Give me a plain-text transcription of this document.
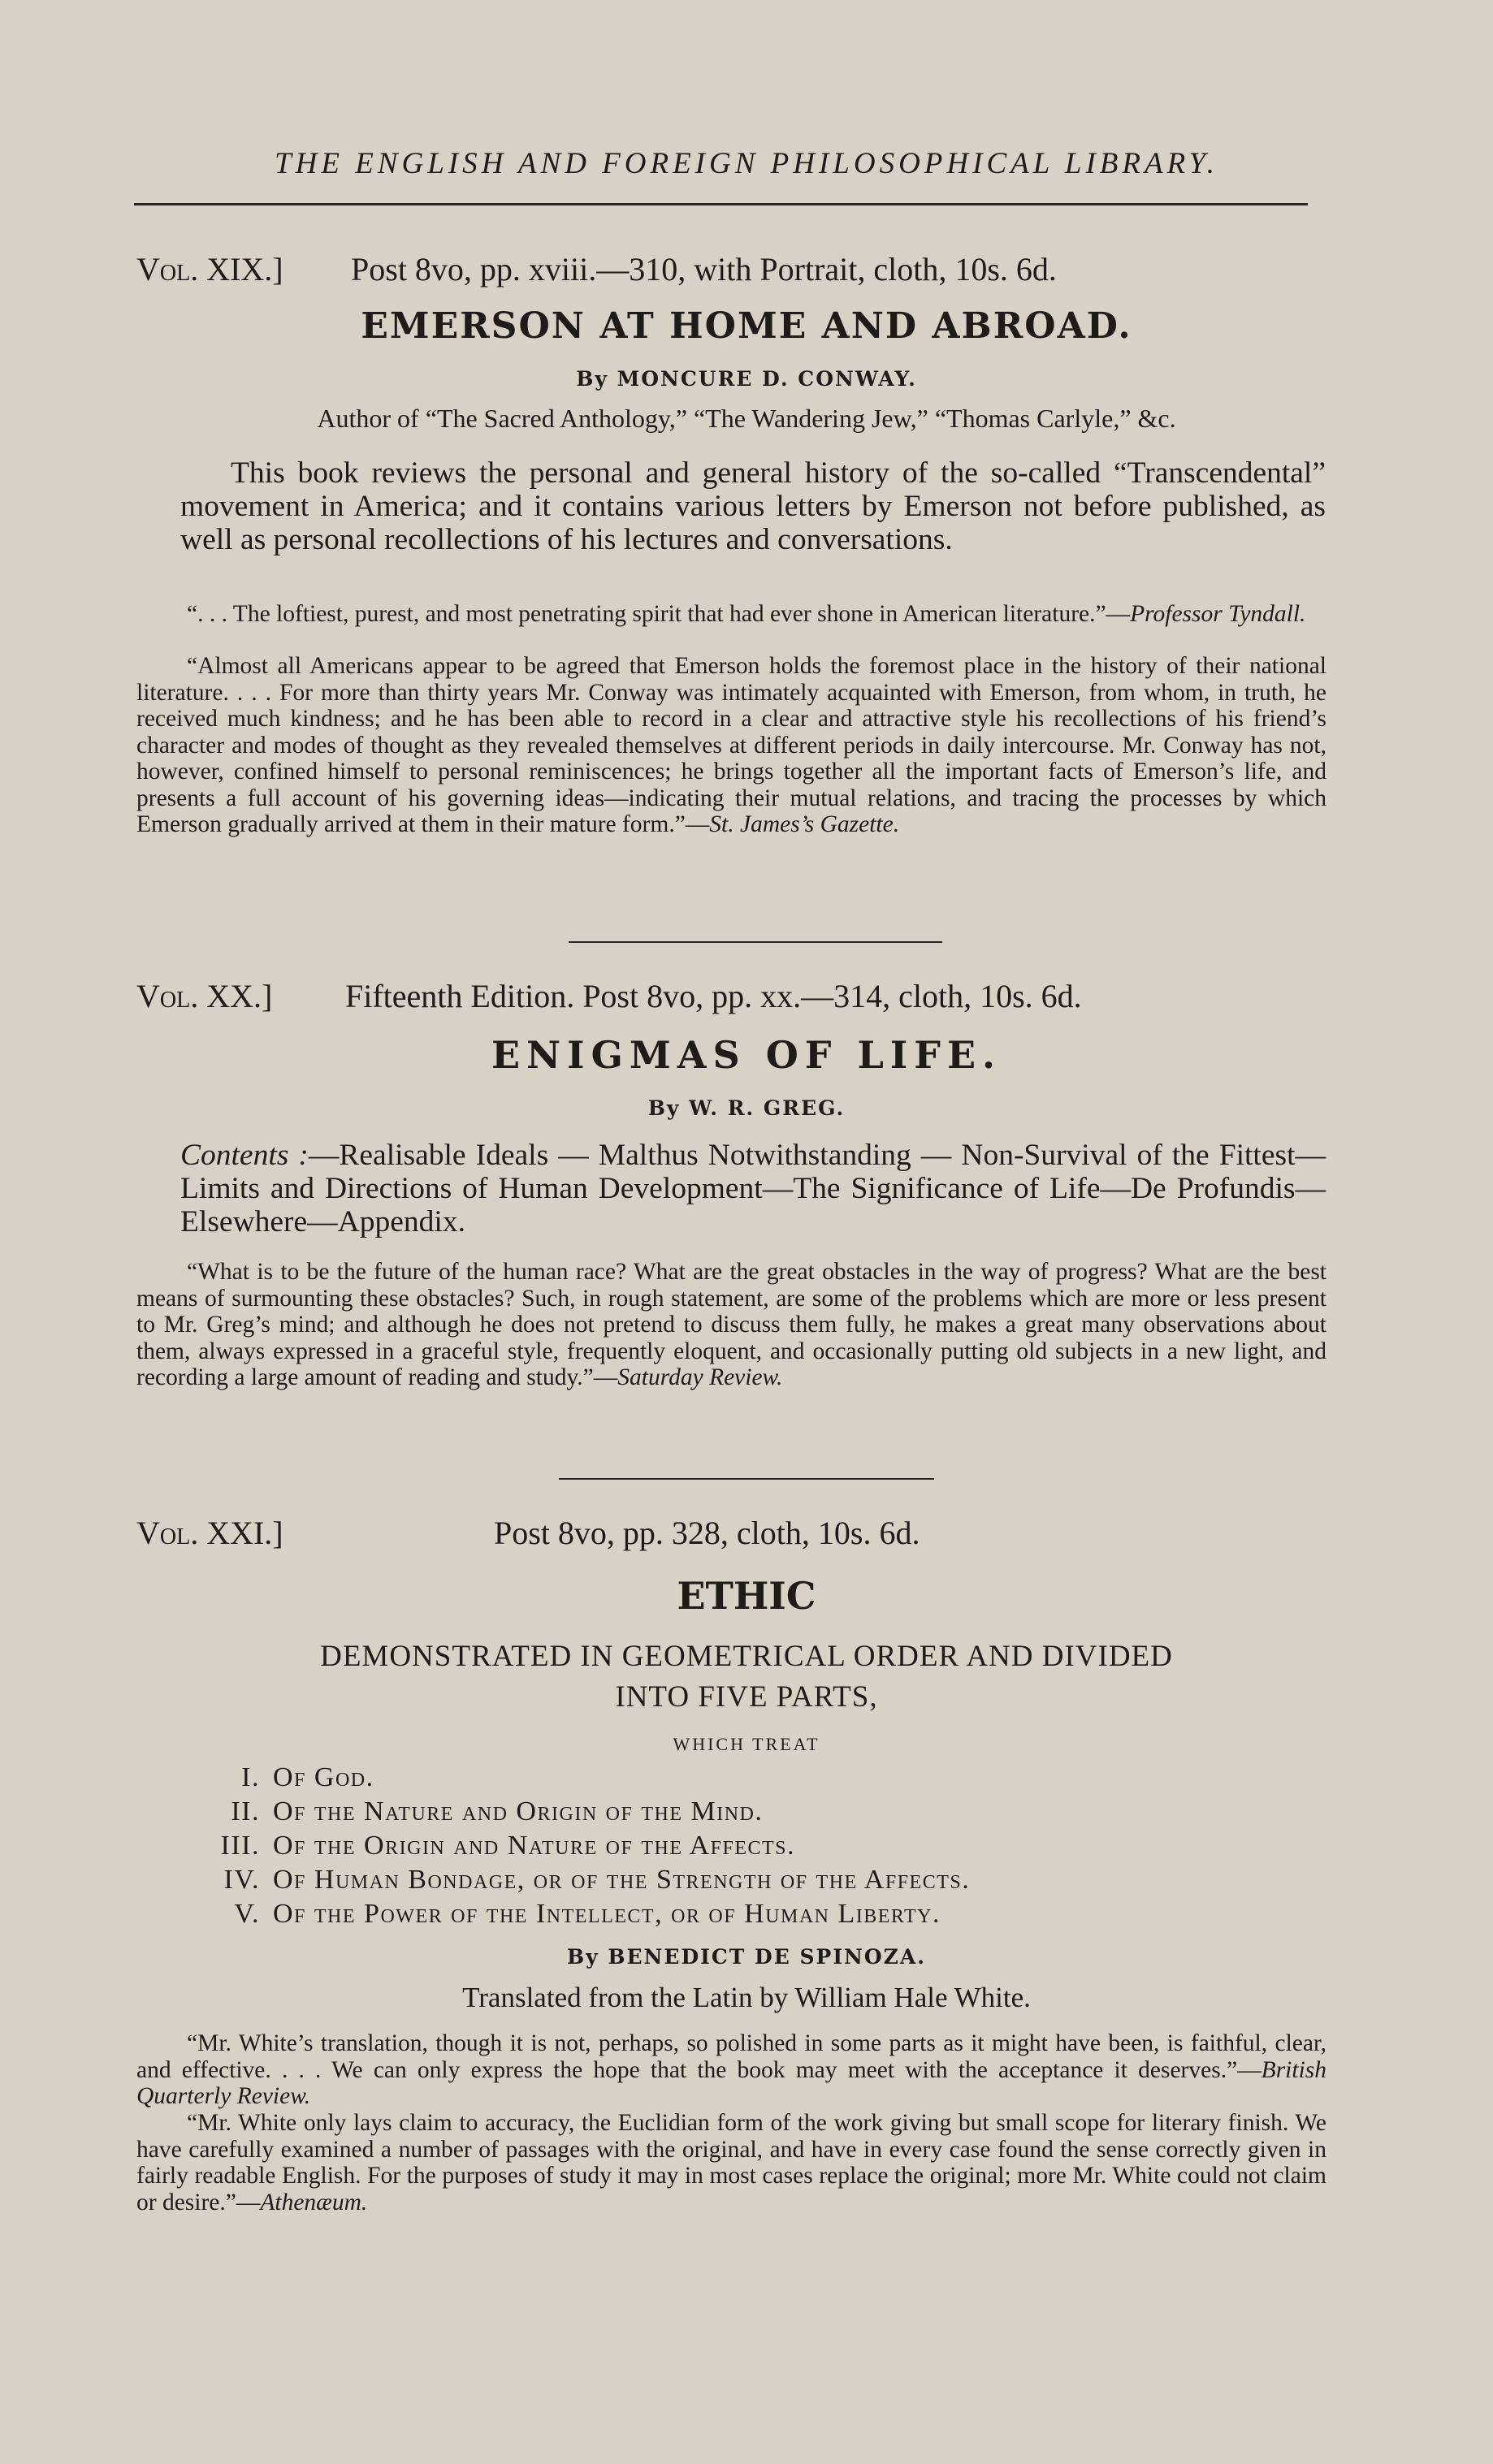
THE ENGLISH AND FOREIGN PHILOSOPHICAL LIBRARY.

Vol. XIX.] Post 8vo, pp. xviii.—310, with Portrait, cloth, 10s. 6d.

EMERSON AT HOME AND ABROAD.

By MONCURE D. CONWAY.

Author of “The Sacred Anthology,” “The Wandering Jew,” “Thomas Carlyle,” &c.

This book reviews the personal and general history of the so-called “Transcendental” movement in America; and it contains various letters by Emerson not before published, as well as personal recollections of his lectures and conversations.

“. . . The loftiest, purest, and most penetrating spirit that had ever shone in American literature.”—Professor Tyndall.

“Almost all Americans appear to be agreed that Emerson holds the foremost place in the history of their national literature. . . . For more than thirty years Mr. Conway was intimately acquainted with Emerson, from whom, in truth, he received much kindness; and he has been able to record in a clear and attractive style his recollections of his friend’s character and modes of thought as they revealed themselves at different periods in daily intercourse. Mr. Conway has not, however, confined himself to personal reminiscences; he brings together all the important facts of Emerson’s life, and presents a full account of his governing ideas—indicating their mutual relations, and tracing the processes by which Emerson gradually arrived at them in their mature form.”—St. James’s Gazette.

Vol. XX.] Fifteenth Edition. Post 8vo, pp. xx.—314, cloth, 10s. 6d.

ENIGMAS OF LIFE.

By W. R. GREG.

Contents :—Realisable Ideals — Malthus Notwithstanding — Non-Survival of the Fittest—Limits and Directions of Human Development—The Significance of Life—De Profundis—Elsewhere—Appendix.

“What is to be the future of the human race? What are the great obstacles in the way of progress? What are the best means of surmounting these obstacles? Such, in rough statement, are some of the problems which are more or less present to Mr. Greg’s mind; and although he does not pretend to discuss them fully, he makes a great many observations about them, always expressed in a graceful style, frequently eloquent, and occasionally putting old subjects in a new light, and recording a large amount of reading and study.”—Saturday Review.

Vol. XXI.]	Post 8vo, pp. 328, cloth, 10s. 6d.

ETHIC

DEMONSTRATED IN GEOMETRICAL ORDER AND DIVIDED

INTO FIVE PARTS,

WHICH TREAT

I. Of God.
II. Of the Nature and Origin of the Mind.
III. Of the Origin and Nature of the Affects.
IV. Of Human Bondage, or of the Strength of the Affects.
V. Of the Power of the Intellect, or of Human Liberty.

By BENEDICT DE SPINOZA.

Translated from the Latin by William Hale White.

“Mr. White’s translation, though it is not, perhaps, so polished in some parts as it might have been, is faithful, clear, and effective. . . . We can only express the hope that the book may meet with the acceptance it deserves.”—British Quarterly Review.

“Mr. White only lays claim to accuracy, the Euclidian form of the work giving but small scope for literary finish. We have carefully examined a number of passages with the original, and have in every case found the sense correctly given in fairly readable English. For the purposes of study it may in most cases replace the original; more Mr. White could not claim or desire.”—Athenæum.
